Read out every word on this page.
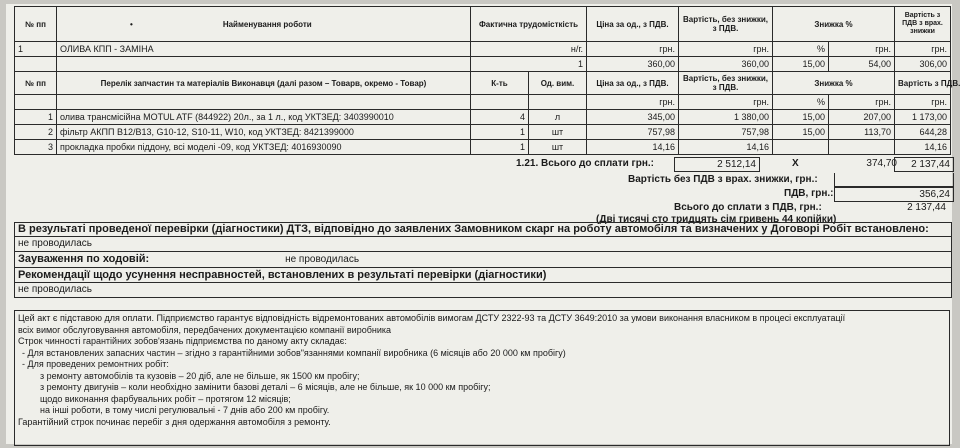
№ пп	• Найменування роботи	Фактична трудомісткість		Ціна за од., з ПДВ.	Вартість, без знижки, з ПДВ.	Знижка %		Вартість з ПДВ з врах. знижки
1	ОЛИВА КПП - ЗАМІНА	н/г.		грн.	грн.	%	грн.	грн.
		1		360,00	360,00	15,00	54,00	306,00
№ пп	Перелік запчастин та матеріалів Виконавця (далі разом – Товарв, окремо - Товар)	К-ть	Од. вим.	Ціна за од., з ПДВ.	Вартість, без знижки, з ПДВ.	Знижка %		Вартість з ПДВ.
				грн.	грн.	%	грн.	грн.
1	олива трансмісійна MOTUL ATF (844922) 20л., за 1 л., код УКТЗЕД: 3403990010	4	л	345,00	1 380,00	15,00	207,00	1 173,00
2	фільтр АКПП B12/B13, G10-12, S10-11, W10, код УКТЗЕД: 8421399000	1	шт	757,98	757,98	15,00	113,70	644,28
3	прокладка пробки піддону, всі моделі -09, код УКТЗЕД: 4016930090	1	шт	14,16	14,16			14,16
1.21. Всього до сплати грн.:	2 512,14	Х	374,70	2 137,44
Вартість без ПДВ з врах. знижки, грн.:
ПДВ, грн.:	356,24
Всього до сплати з ПДВ, грн.:	2 137,44
(Дві тисячі сто тридцять сім гривень 44 копійки)
В результаті проведеної перевірки (діагностики) ДТЗ, відповідно до заявлених Замовником скарг на роботу автомобіля та визначених у Договорі Робіт встановлено:
не проводилась
Зауваження по ходовій:	не проводилась
Рекомендації щодо усунення несправностей, встановлених в результаті перевірки (діагностики)
не проводилась
Цей акт є підставою для оплати. Підприємство гарантує відповідність відремонтованих автомобілів вимогам ДСТУ 2322-93 та ДСТУ 3649:2010 за умови виконання власником в процесі експлуатації
всіх вимог обслуговування автомобіля, передбачених документацією компанії виробника
Строк чинності гарантійних зобов'язань підприємства по даному акту складає:
- Для встановлених запасних частин – згідно з гарантійними зобов"язаннями компанії виробника (6 місяців або 20 000 км пробігу)
- Для проведених ремонтних робіт:
з ремонту автомобілів та кузовів – 20 діб, але не більше, як 1500 км пробігу;
з ремонту двигунів – коли необхідно замінити базові деталі – 6 місяців, але не більше, як 10 000 км пробігу;
щодо виконання фарбувальних робіт – протягом 12 місяців;
на інші роботи, в тому числі регулювальні - 7 днів або 200 км пробігу.
Гарантійний строк починає перебіг з дня одержання автомобіля з ремонту.
